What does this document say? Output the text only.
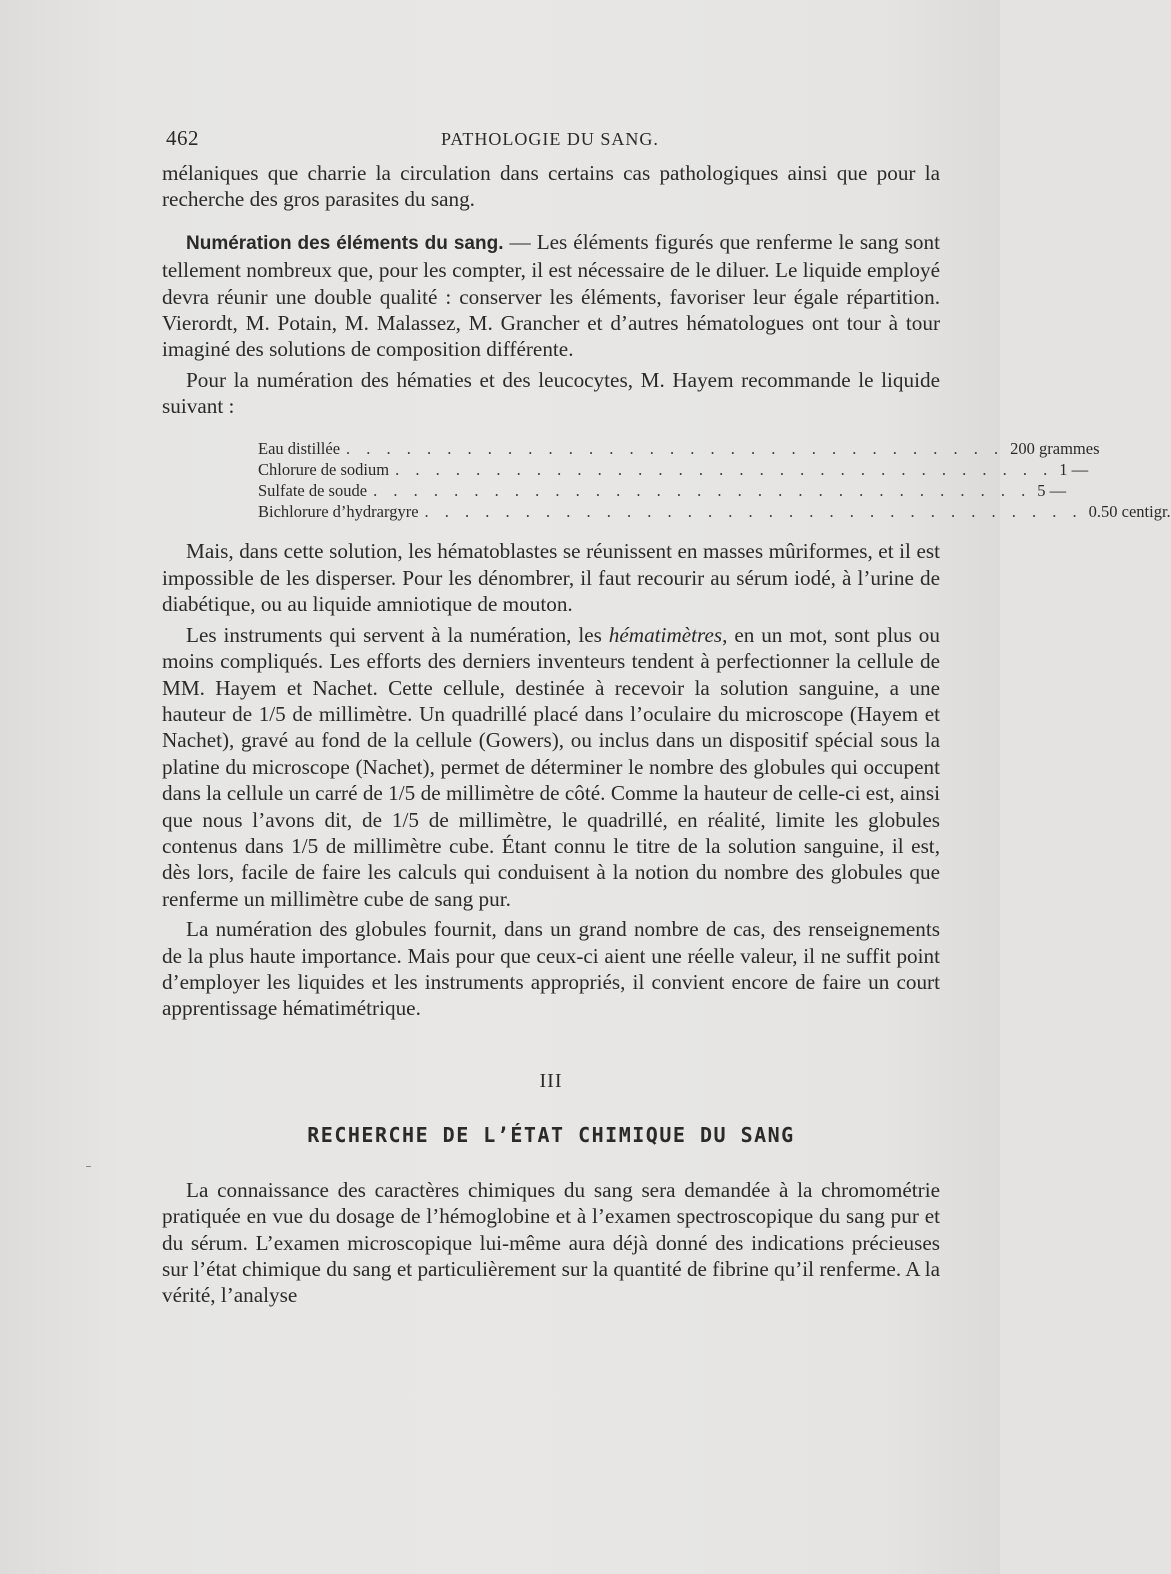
462	PATHOLOGIE DU SANG.

mélaniques que charrie la circulation dans certains cas pathologiques ainsi que pour la recherche des gros parasites du sang.

Numération des éléments du sang. — Les éléments figurés que renferme le sang sont tellement nombreux que, pour les compter, il est nécessaire de le diluer. Le liquide employé devra réunir une double qualité : conserver les éléments, favoriser leur égale répartition. Vierordt, M. Potain, M. Malassez, M. Grancher et d’autres hématologues ont tour à tour imaginé des solutions de composition différente.

Pour la numération des hématies et des leucocytes, M. Hayem recommande le liquide suivant :

Eau distillée . . . . . . . . . . . . . . . . . . . . . . . . . . . . . . . . . 200 grammes
Chlorure de sodium . . . . . . . . . . . . . . . . . . . . . . . . . . . . . . . . . 1 —
Sulfate de soude . . . . . . . . . . . . . . . . . . . . . . . . . . . . . . . . . 5 —
Bichlorure d’hydrargyre . . . . . . . . . . . . . . . . . . . . . . . . . . . . . . . . . 0.50 centigr.

Mais, dans cette solution, les hématoblastes se réunissent en masses mûriformes, et il est impossible de les disperser. Pour les dénombrer, il faut recourir au sérum iodé, à l’urine de diabétique, ou au liquide amniotique de mouton.

Les instruments qui servent à la numération, les hématimètres, en un mot, sont plus ou moins compliqués. Les efforts des derniers inventeurs tendent à perfectionner la cellule de MM. Hayem et Nachet. Cette cellule, destinée à recevoir la solution sanguine, a une hauteur de 1/5 de millimètre. Un quadrillé placé dans l’oculaire du microscope (Hayem et Nachet), gravé au fond de la cellule (Gowers), ou inclus dans un dispositif spécial sous la platine du microscope (Nachet), permet de déterminer le nombre des globules qui occupent dans la cellule un carré de 1/5 de millimètre de côté. Comme la hauteur de celle-ci est, ainsi que nous l’avons dit, de 1/5 de millimètre, le quadrillé, en réalité, limite les globules contenus dans 1/5 de millimètre cube. Étant connu le titre de la solution sanguine, il est, dès lors, facile de faire les calculs qui conduisent à la notion du nombre des globules que renferme un millimètre cube de sang pur.

La numération des globules fournit, dans un grand nombre de cas, des renseignements de la plus haute importance. Mais pour que ceux-ci aient une réelle valeur, il ne suffit point d’employer les liquides et les instruments appropriés, il convient encore de faire un court apprentissage hématimétrique.

III
RECHERCHE DE L’ÉTAT CHIMIQUE DU SANG

La connaissance des caractères chimiques du sang sera demandée à la chromométrie pratiquée en vue du dosage de l’hémoglobine et à l’examen spectroscopique du sang pur et du sérum. L’examen microscopique lui-même aura déjà donné des indications précieuses sur l’état chimique du sang et particulièrement sur la quantité de fibrine qu’il renferme. A la vérité, l’analyse
